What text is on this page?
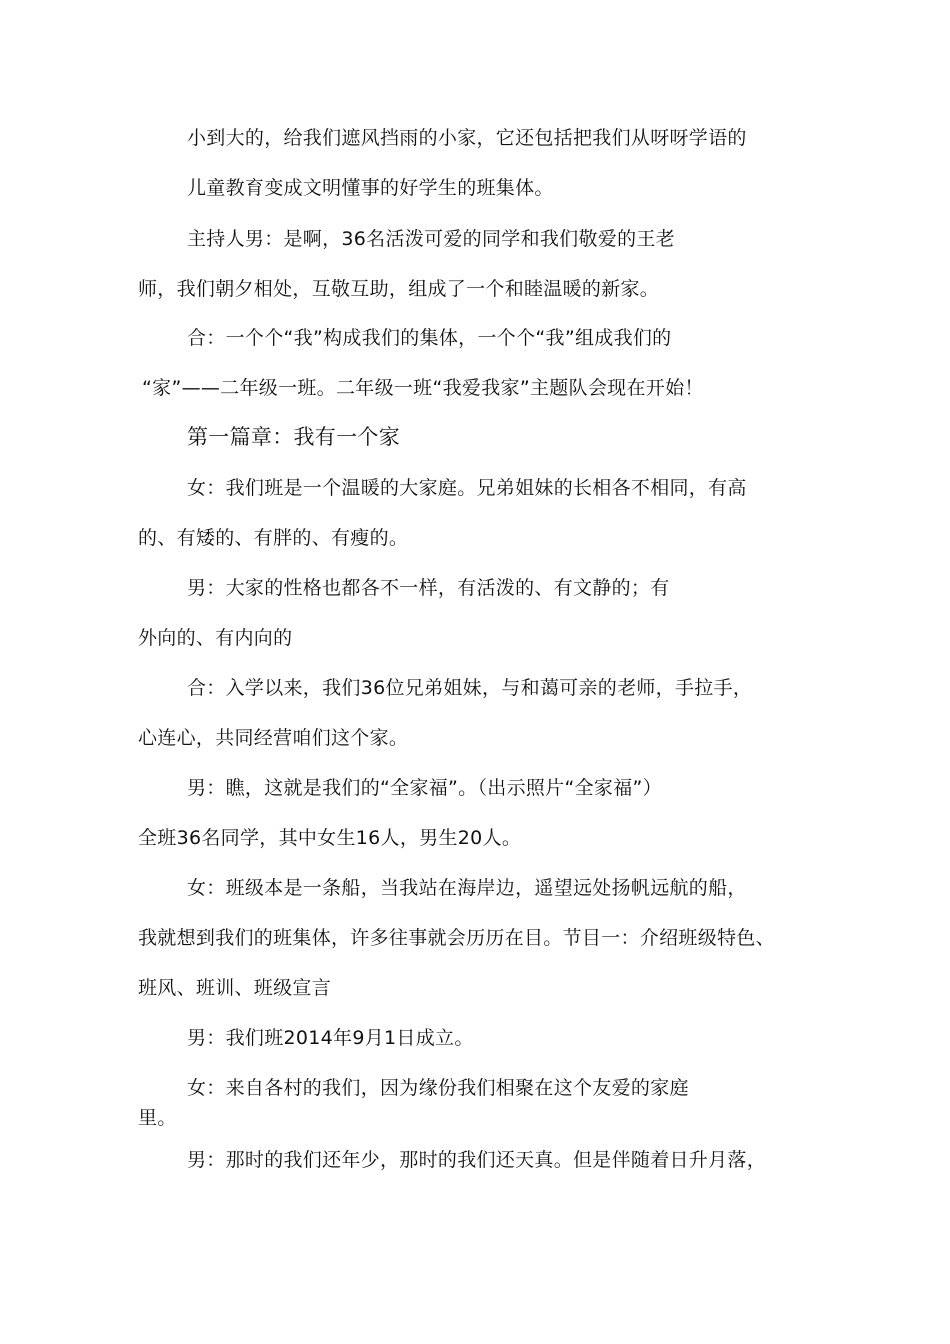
小到大的，给我们遮风挡雨的小家，它还包括把我们从呀呀学语的
儿童教育变成文明懂事的好学生的班集体。
主持人男：是啊，36名活泼可爱的同学和我们敬爱的王老
师，我们朝夕相处，互敬互助，组成了一个和睦温暖的新家。
合：一个个“我”构成我们的集体，一个个“我”组成我们的
“家”——二年级一班。二年级一班“我爱我家”主题队会现在开始！
第一篇章：我有一个家
女：我们班是一个温暖的大家庭。兄弟姐妹的长相各不相同，有高
的、有矮的、有胖的、有瘦的。
男：大家的性格也都各不一样，有活泼的、有文静的；有
外向的、有内向的
合：入学以来，我们36位兄弟姐妹，与和蔼可亲的老师，手拉手，
心连心，共同经营咱们这个家。
男：瞧，这就是我们的“全家福”。（出示照片“全家福”）
全班36名同学，其中女生16人，男生20人。
女：班级本是一条船，当我站在海岸边，遥望远处扬帆远航的船，
我就想到我们的班集体，许多往事就会历历在目。节目一：介绍班级特色、
班风、班训、班级宣言
男：我们班2014年9月1日成立。
女：来自各村的我们，因为缘份我们相聚在这个友爱的家庭
里。
男：那时的我们还年少，那时的我们还天真。但是伴随着日升月落，
